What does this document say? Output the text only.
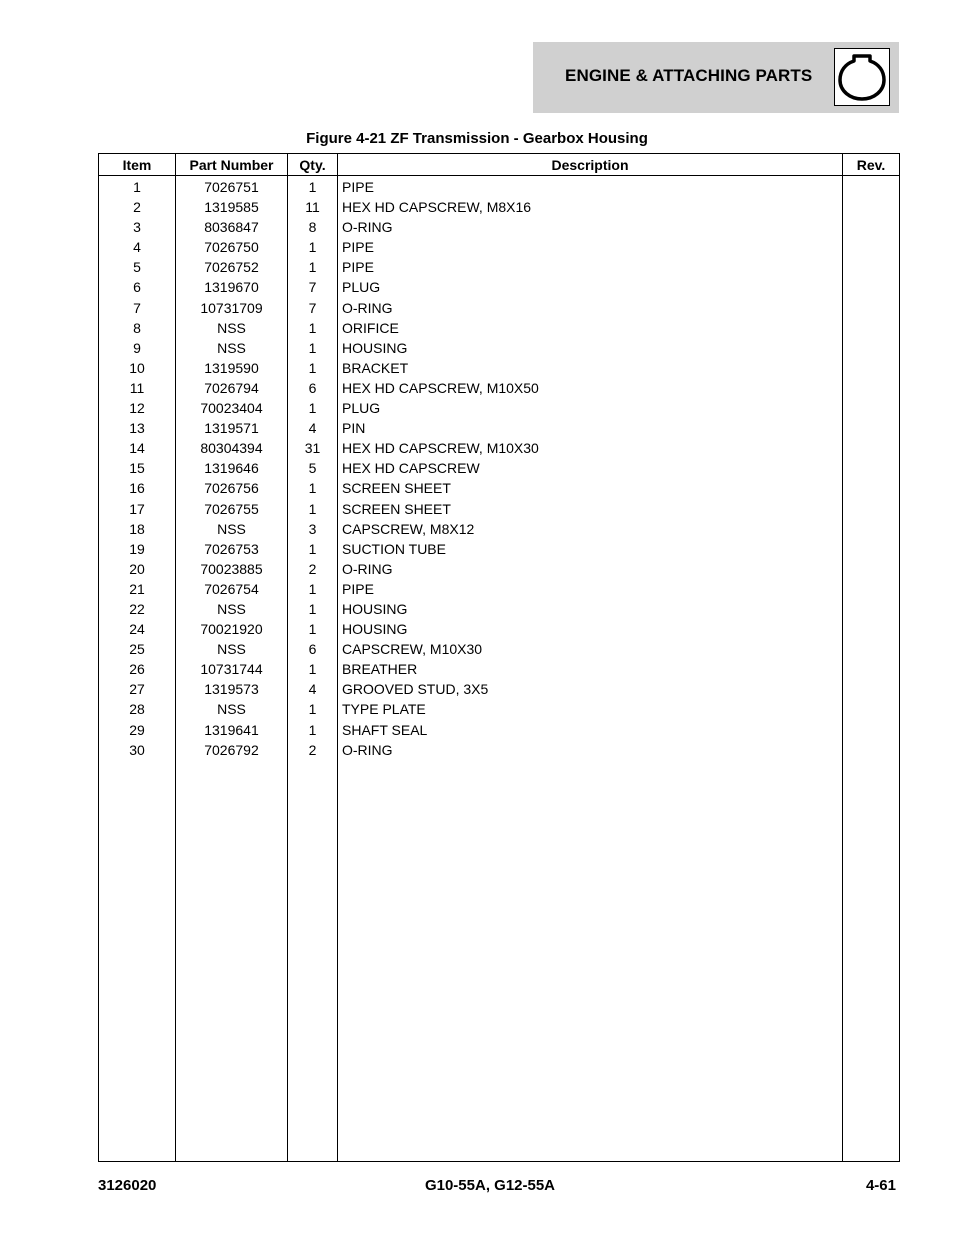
ENGINE & ATTACHING PARTS
Figure 4-21 ZF Transmission - Gearbox Housing
Item	Part Number	Qty.	Description	Rev.
1	7026751	1	PIPE	
2	1319585	11	HEX HD CAPSCREW, M8X16	
3	8036847	8	O-RING	
4	7026750	1	PIPE	
5	7026752	1	PIPE	
6	1319670	7	PLUG	
7	10731709	7	O-RING	
8	NSS	1	ORIFICE	
9	NSS	1	HOUSING	
10	1319590	1	BRACKET	
11	7026794	6	HEX HD CAPSCREW, M10X50	
12	70023404	1	PLUG	
13	1319571	4	PIN	
14	80304394	31	HEX HD CAPSCREW, M10X30	
15	1319646	5	HEX HD CAPSCREW	
16	7026756	1	SCREEN SHEET	
17	7026755	1	SCREEN SHEET	
18	NSS	3	CAPSCREW, M8X12	
19	7026753	1	SUCTION TUBE	
20	70023885	2	O-RING	
21	7026754	1	PIPE	
22	NSS	1	HOUSING	
24	70021920	1	HOUSING	
25	NSS	6	CAPSCREW, M10X30	
26	10731744	1	BREATHER	
27	1319573	4	GROOVED STUD, 3X5	
28	NSS	1	TYPE PLATE	
29	1319641	1	SHAFT SEAL	
30	7026792	2	O-RING	

3126020	G10-55A, G12-55A	4-61
